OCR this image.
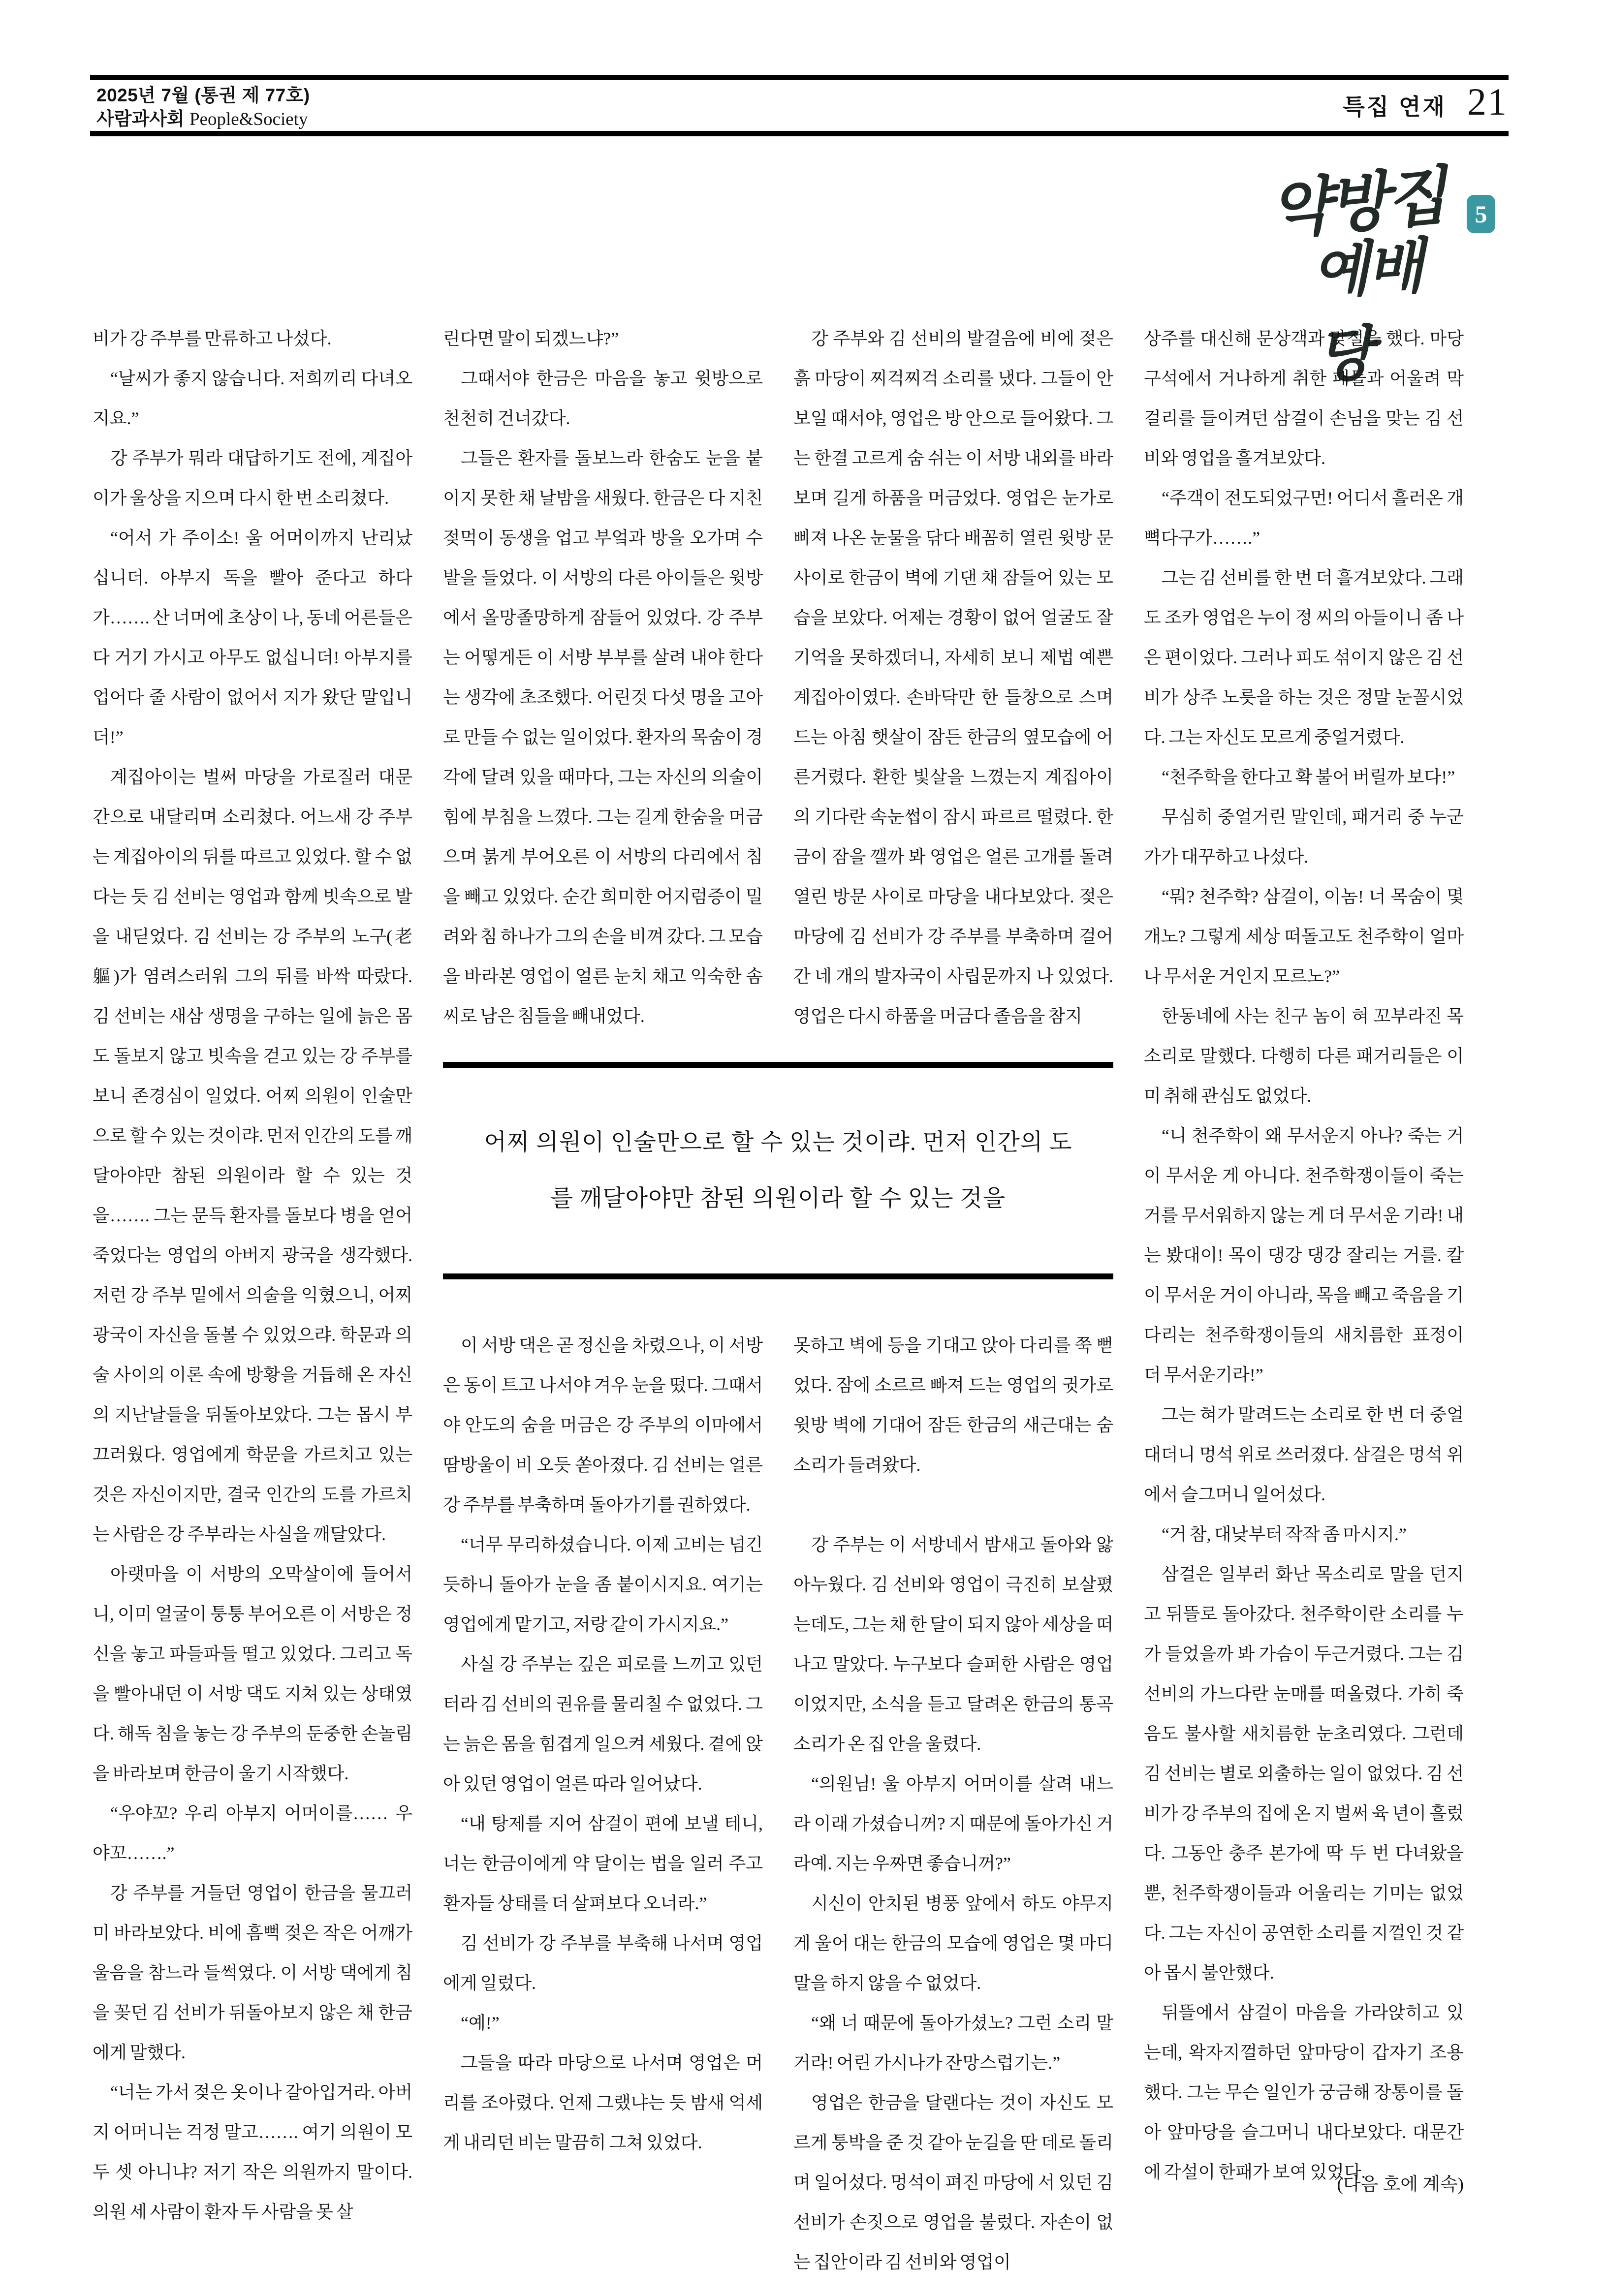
2025년 7월 (통권 제 77호)
사람과사회 People&Society	특집 연재 21
약방집
예배당
5

비가 강 주부를 만류하고 나섰다.

“날씨가 좋지 않습니다. 저희끼리 다녀오지요.”

강 주부가 뭐라 대답하기도 전에, 계집아이가 울상을 지으며 다시 한 번 소리쳤다.

“어서 가 주이소! 울 어머이까지 난리났십니더. 아부지 독을 빨아 준다고 하다가……. 산 너머에 초상이 나, 동네 어른들은 다 거기 가시고 아무도 없십니더! 아부지를 업어다 줄 사람이 없어서 지가 왔단 말입니더!”

계집아이는 벌써 마당을 가로질러 대문간으로 내달리며 소리쳤다. 어느새 강 주부는 계집아이의 뒤를 따르고 있었다. 할 수 없다는 듯 김 선비는 영업과 함께 빗속으로 발을 내딛었다. 김 선비는 강 주부의 노구(老軀)가 염려스러워 그의 뒤를 바싹 따랐다. 김 선비는 새삼 생명을 구하는 일에 늙은 몸도 돌보지 않고 빗속을 걷고 있는 강 주부를 보니 존경심이 일었다. 어찌 의원이 인술만으로 할 수 있는 것이랴. 먼저 인간의 도를 깨달아야만 참된 의원이라 할 수 있는 것을……. 그는 문득 환자를 돌보다 병을 얻어 죽었다는 영업의 아버지 광국을 생각했다. 저런 강 주부 밑에서 의술을 익혔으니, 어찌 광국이 자신을 돌볼 수 있었으랴. 학문과 의술 사이의 이론 속에 방황을 거듭해 온 자신의 지난날들을 뒤돌아보았다. 그는 몹시 부끄러웠다. 영업에게 학문을 가르치고 있는 것은 자신이지만, 결국 인간의 도를 가르치는 사람은 강 주부라는 사실을 깨달았다.

아랫마을 이 서방의 오막살이에 들어서니, 이미 얼굴이 퉁퉁 부어오른 이 서방은 정신을 놓고 파들파들 떨고 있었다. 그리고 독을 빨아내던 이 서방 댁도 지쳐 있는 상태였다. 해독 침을 놓는 강 주부의 둔중한 손놀림을 바라보며 한금이 울기 시작했다.

“우야꼬? 우리 아부지 어머이를…… 우야꼬…….”

강 주부를 거들던 영업이 한금을 물끄러미 바라보았다. 비에 흠뻑 젖은 작은 어깨가 울음을 참느라 들썩였다. 이 서방 댁에게 침을 꽂던 김 선비가 뒤돌아보지 않은 채 한금에게 말했다.

“너는 가서 젖은 옷이나 갈아입거라. 아버지 어머니는 걱정 말고……. 여기 의원이 모두 셋 아니냐? 저기 작은 의원까지 말이다. 의원 세 사람이 환자 두 사람을 못 살

린다면 말이 되겠느냐?”

그때서야 한금은 마음을 놓고 윗방으로 천천히 건너갔다.

그들은 환자를 돌보느라 한숨도 눈을 붙이지 못한 채 날밤을 새웠다. 한금은 다 지친 젖먹이 동생을 업고 부엌과 방을 오가며 수발을 들었다. 이 서방의 다른 아이들은 윗방에서 올망졸망하게 잠들어 있었다. 강 주부는 어떻게든 이 서방 부부를 살려 내야 한다는 생각에 초조했다. 어린것 다섯 명을 고아로 만들 수 없는 일이었다. 환자의 목숨이 경각에 달려 있을 때마다, 그는 자신의 의술이 힘에 부침을 느꼈다. 그는 길게 한숨을 머금으며 붉게 부어오른 이 서방의 다리에서 침을 빼고 있었다. 순간 희미한 어지럼증이 밀려와 침 하나가 그의 손을 비껴 갔다. 그 모습을 바라본 영업이 얼른 눈치 채고 익숙한 솜씨로 남은 침들을 빼내었다.

강 주부와 김 선비의 발걸음에 비에 젖은 흙 마당이 찌걱찌걱 소리를 냈다. 그들이 안 보일 때서야, 영업은 방 안으로 들어왔다. 그는 한결 고르게 숨 쉬는 이 서방 내외를 바라보며 길게 하품을 머금었다. 영업은 눈가로 삐져 나온 눈물을 닦다 배꼼히 열린 윗방 문 사이로 한금이 벽에 기댄 채 잠들어 있는 모습을 보았다. 어제는 경황이 없어 얼굴도 잘 기억을 못하겠더니, 자세히 보니 제법 예쁜 계집아이였다. 손바닥만 한 들창으로 스며드는 아침 햇살이 잠든 한금의 옆모습에 어른거렸다. 환한 빛살을 느꼈는지 계집아이의 기다란 속눈썹이 잠시 파르르 떨렸다. 한금이 잠을 깰까 봐 영업은 얼른 고개를 돌려 열린 방문 사이로 마당을 내다보았다. 젖은 마당에 김 선비가 강 주부를 부축하며 걸어간 네 개의 발자국이 사립문까지 나 있었다. 영업은 다시 하품을 머금다 졸음을 참지

어찌 의원이 인술만으로 할 수 있는 것이랴. 먼저 인간의 도를 깨달아야만 참된 의원이라 할 수 있는 것을

이 서방 댁은 곧 정신을 차렸으나, 이 서방은 동이 트고 나서야 겨우 눈을 떴다. 그때서야 안도의 숨을 머금은 강 주부의 이마에서 땀방울이 비 오듯 쏟아졌다. 김 선비는 얼른 강 주부를 부축하며 돌아가기를 권하였다.

“너무 무리하셨습니다. 이제 고비는 넘긴 듯하니 돌아가 눈을 좀 붙이시지요. 여기는 영업에게 맡기고, 저랑 같이 가시지요.”

사실 강 주부는 깊은 피로를 느끼고 있던 터라 김 선비의 권유를 물리칠 수 없었다. 그는 늙은 몸을 힘겹게 일으켜 세웠다. 곁에 앉아 있던 영업이 얼른 따라 일어났다.

“내 탕제를 지어 삼걸이 편에 보낼 테니, 너는 한금이에게 약 달이는 법을 일러 주고 환자들 상태를 더 살펴보다 오너라.”

김 선비가 강 주부를 부축해 나서며 영업에게 일렀다.

“예!”

그들을 따라 마당으로 나서며 영업은 머리를 조아렸다. 언제 그랬냐는 듯 밤새 억세게 내리던 비는 말끔히 그쳐 있었다.

못하고 벽에 등을 기대고 앉아 다리를 쭉 뻗었다. 잠에 소르르 빠져 드는 영업의 귓가로 윗방 벽에 기대어 잠든 한금의 새근대는 숨소리가 들려왔다.

강 주부는 이 서방네서 밤새고 돌아와 앓아누웠다. 김 선비와 영업이 극진히 보살폈는데도, 그는 채 한 달이 되지 않아 세상을 떠나고 말았다. 누구보다 슬퍼한 사람은 영업이었지만, 소식을 듣고 달려온 한금의 통곡 소리가 온 집 안을 울렸다.

“의원님! 울 아부지 어머이를 살려 내느라 이래 가셨습니꺼? 지 때문에 돌아가신 거라예. 지는 우짜면 좋습니꺼?”

시신이 안치된 병풍 앞에서 하도 야무지게 울어 대는 한금의 모습에 영업은 몇 마디 말을 하지 않을 수 없었다.

“왜 너 때문에 돌아가셨노? 그런 소리 말거라! 어린 가시나가 잔망스럽기는.”

영업은 한금을 달랜다는 것이 자신도 모르게 퉁박을 준 것 같아 눈길을 딴 데로 돌리며 일어섰다. 멍석이 펴진 마당에 서 있던 김 선비가 손짓으로 영업을 불렀다. 자손이 없는 집안이라 김 선비와 영업이

상주를 대신해 문상객과 맞절을 했다. 마당 구석에서 거나하게 취한 패들과 어울려 막걸리를 들이켜던 삼걸이 손님을 맞는 김 선비와 영업을 흘겨보았다.

“주객이 전도되었구먼! 어디서 흘러온 개 뼉다구가…….”

그는 김 선비를 한 번 더 흘겨보았다. 그래도 조카 영업은 누이 정 씨의 아들이니 좀 나은 편이었다. 그러나 피도 섞이지 않은 김 선비가 상주 노릇을 하는 것은 정말 눈꼴시었다. 그는 자신도 모르게 중얼거렸다.

“천주학을 한다고 확 불어 버릴까 보다!”

무심히 중얼거린 말인데, 패거리 중 누군가가 대꾸하고 나섰다.

“뭐? 천주학? 삼걸이, 이놈! 너 목숨이 몇 개노? 그렇게 세상 떠돌고도 천주학이 얼마나 무서운 거인지 모르노?”

한동네에 사는 친구 놈이 혀 꼬부라진 목소리로 말했다. 다행히 다른 패거리들은 이미 취해 관심도 없었다.

“니 천주학이 왜 무서운지 아나? 죽는 거이 무서운 게 아니다. 천주학쟁이들이 죽는 거를 무서워하지 않는 게 더 무서운 기라! 내는 봤대이! 목이 댕강 댕강 잘리는 거를. 칼이 무서운 거이 아니라, 목을 빼고 죽음을 기다리는 천주학쟁이들의 새치름한 표정이 더 무서운기라!”

그는 혀가 말려드는 소리로 한 번 더 중얼대더니 멍석 위로 쓰러졌다. 삼걸은 멍석 위에서 슬그머니 일어섰다.

“거 참, 대낮부터 작작 좀 마시지.”

삼걸은 일부러 화난 목소리로 말을 던지고 뒤뜰로 돌아갔다. 천주학이란 소리를 누가 들었을까 봐 가슴이 두근거렸다. 그는 김 선비의 가느다란 눈매를 떠올렸다. 가히 죽음도 불사할 새치름한 눈초리였다. 그런데 김 선비는 별로 외출하는 일이 없었다. 김 선비가 강 주부의 집에 온 지 벌써 육 년이 흘렀다. 그동안 충주 본가에 딱 두 번 다녀왔을 뿐, 천주학쟁이들과 어울리는 기미는 없었다. 그는 자신이 공연한 소리를 지껄인 것 같아 몹시 불안했다.

뒤뜰에서 삼걸이 마음을 가라앉히고 있는데, 왁자지껄하던 앞마당이 갑자기 조용했다. 그는 무슨 일인가 궁금해 장통이를 돌아 앞마당을 슬그머니 내다보았다. 대문간에 각설이 한패가 보여 있었다.

(다음 호에 계속)
